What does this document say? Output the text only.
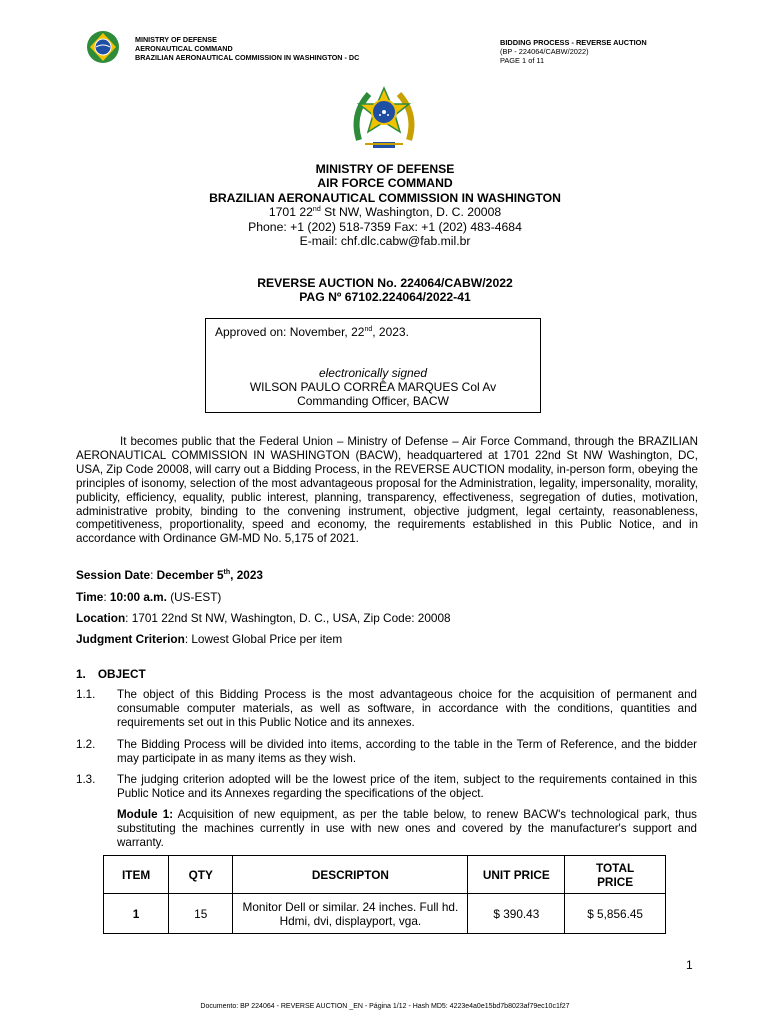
MINISTRY OF DEFENSE
AERONAUTICAL COMMAND
BRAZILIAN AERONAUTICAL COMMISSION IN WASHINGTON - DC
BIDDING PROCESS - REVERSE AUCTION
(BP - 224064/CABW/2022)
PAGE 1 of 11
MINISTRY OF DEFENSE
AIR FORCE COMMAND
BRAZILIAN AERONAUTICAL COMMISSION IN WASHINGTON
1701 22nd St NW, Washington, D. C. 20008
Phone: +1 (202) 518-7359 Fax: +1 (202) 483-4684
E-mail: chf.dlc.cabw@fab.mil.br
REVERSE AUCTION No. 224064/CABW/2022
PAG Nº 67102.224064/2022-41
Approved on: November, 22nd, 2023.
electronically signed
WILSON PAULO CORRÊA MARQUES Col Av
Commanding Officer, BACW
It becomes public that the Federal Union – Ministry of Defense – Air Force Command, through the BRAZILIAN AERONAUTICAL COMMISSION IN WASHINGTON (BACW), headquartered at 1701 22nd St NW Washington, DC, USA, Zip Code 20008, will carry out a Bidding Process, in the REVERSE AUCTION modality, in-person form, obeying the principles of isonomy, selection of the most advantageous proposal for the Administration, legality, impersonality, morality, publicity, efficiency, equality, public interest, planning, transparency, effectiveness, segregation of duties, motivation, administrative probity, binding to the convening instrument, objective judgment, legal certainty, reasonableness, competitiveness, proportionality, speed and economy, the requirements established in this Public Notice, and in accordance with Ordinance GM-MD No. 5,175 of 2021.
Session Date: December 5th, 2023
Time: 10:00 a.m. (US-EST)
Location: 1701 22nd St NW, Washington, D. C., USA, Zip Code: 20008
Judgment Criterion: Lowest Global Price per item
1. OBJECT
1.1. The object of this Bidding Process is the most advantageous choice for the acquisition of permanent and consumable computer materials, as well as software, in accordance with the conditions, quantities and requirements set out in this Public Notice and its annexes.
1.2. The Bidding Process will be divided into items, according to the table in the Term of Reference, and the bidder may participate in as many items as they wish.
1.3. The judging criterion adopted will be the lowest price of the item, subject to the requirements contained in this Public Notice and its Annexes regarding the specifications of the object.
Module 1: Acquisition of new equipment, as per the table below, to renew BACW's technological park, thus substituting the machines currently in use with new ones and covered by the manufacturer's support and warranty.
ITEM	QTY	DESCRIPTON	UNIT PRICE	TOTAL PRICE
1	15	Monitor Dell or similar. 24 inches. Full hd. Hdmi, dvi, displayport, vga.	$ 390.43	$ 5,856.45
1
Documento: BP 224064 - REVERSE AUCTION _EN - Página 1/12 - Hash MD5: 4223e4a0e15bd7b8023af79ec10c1f27
